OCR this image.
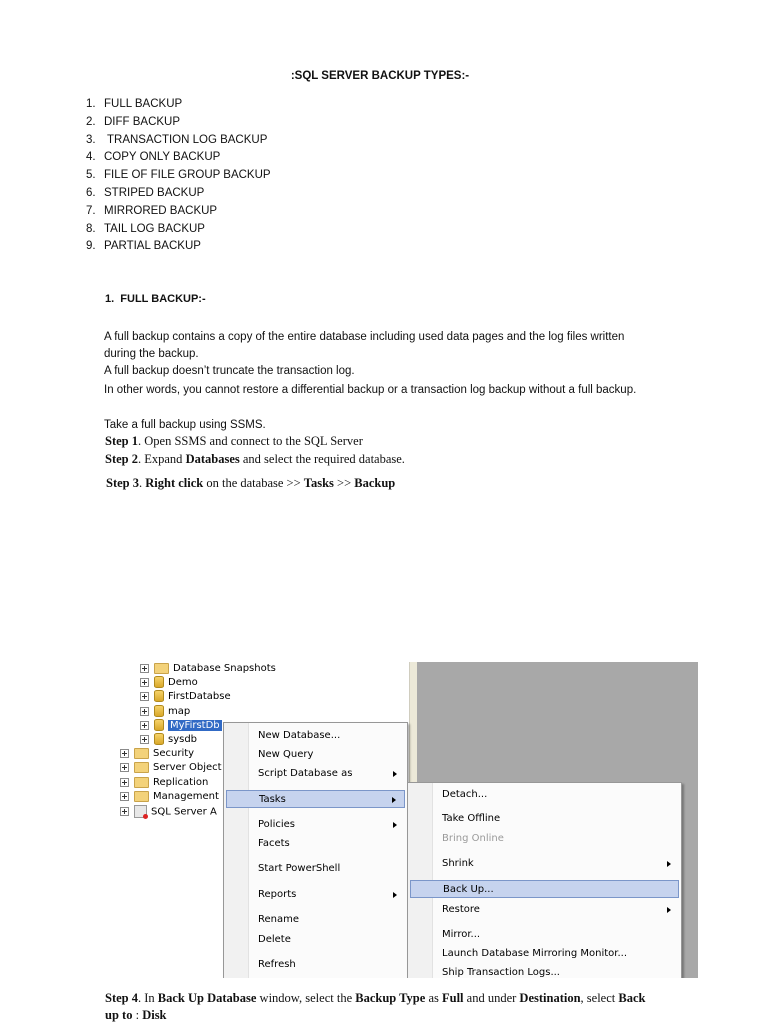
:SQL SERVER BACKUP TYPES:-
1. FULL BACKUP
2. DIFF BACKUP
3. TRANSACTION LOG BACKUP
4. COPY ONLY BACKUP
5. FILE OF FILE GROUP BACKUP
6. STRIPED BACKUP
7. MIRRORED BACKUP
8. TAIL LOG BACKUP
9. PARTIAL BACKUP
1.  FULL BACKUP:-
A full backup contains a copy of the entire database including used data pages and the log files written
during the backup.
A full backup doesn’t truncate the transaction log.
In other words, you cannot restore a differential backup or a transaction log backup without a full backup.
Take a full backup using SSMS.
Step 1. Open SSMS and connect to the SQL Server
Step 2. Expand Databases and select the required database.
Step 3. Right click on the database >> Tasks >> Backup
Database Snapshots
Demo
FirstDatabse
map
MyFirstDb
sysdb
Security
Server Object
Replication
Management
SQL Server A
New Database...
New Query
Script Database as
Tasks
Policies
Facets
Start PowerShell
Reports
Rename
Delete
Refresh
Detach...
Take Offline
Bring Online
Shrink
Back Up...
Restore
Mirror...
Launch Database Mirroring Monitor...
Ship Transaction Logs...
Step 4. In Back Up Database window, select the Backup Type as Full and under Destination, select Back
up to : Disk
